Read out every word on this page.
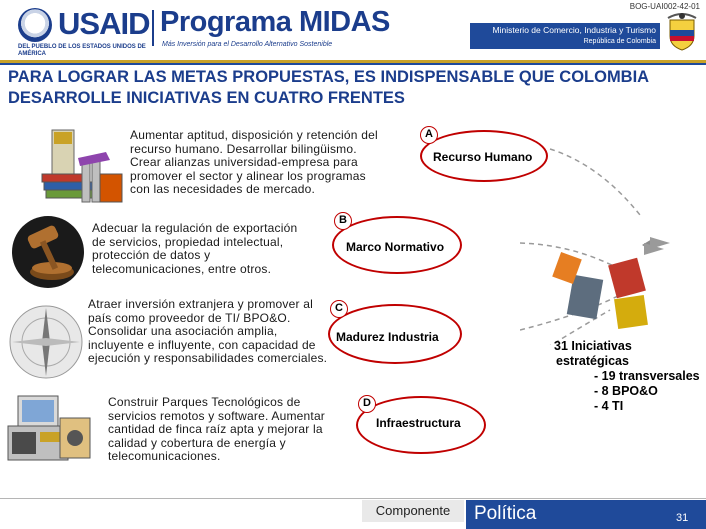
BOG-UAI002-42-01
USAID
DEL PUEBLO DE LOS ESTADOS UNIDOS DE AMÉRICA
Programa MIDAS
Más Inversión para el Desarrollo Alternativo Sostenible
Ministerio de Comercio, Industria y Turismo
República de Colombia
PARA LOGRAR LAS METAS PROPUESTAS, ES INDISPENSABLE QUE COLOMBIA DESARROLLE INICIATIVAS EN CUATRO FRENTES
Aumentar aptitud, disposición y retención del recurso humano. Desarrollar bilingüismo. Crear alianzas universidad-empresa para promover el sector y alinear los programas con las necesidades de mercado.
A
Recurso Humano
Adecuar la regulación de exportación de servicios, propiedad intelectual, protección de datos y telecomunicaciones, entre otros.
B
Marco Normativo
Atraer inversión extranjera y promover al país como proveedor de TI/ BPO&O. Consolidar una asociación amplia, incluyente e influyente, con capacidad de ejecución y responsabilidades comerciales.
C
Madurez Industria
Construir Parques Tecnológicos de servicios remotos y software. Aumentar cantidad de finca raíz apta y mejorar la calidad y cobertura de energía y telecomunicaciones.
D
Infraestructura
31 Iniciativas
estratégicas
- 19 transversales
- 8 BPO&O
- 4 TI
Componente	Política	31
